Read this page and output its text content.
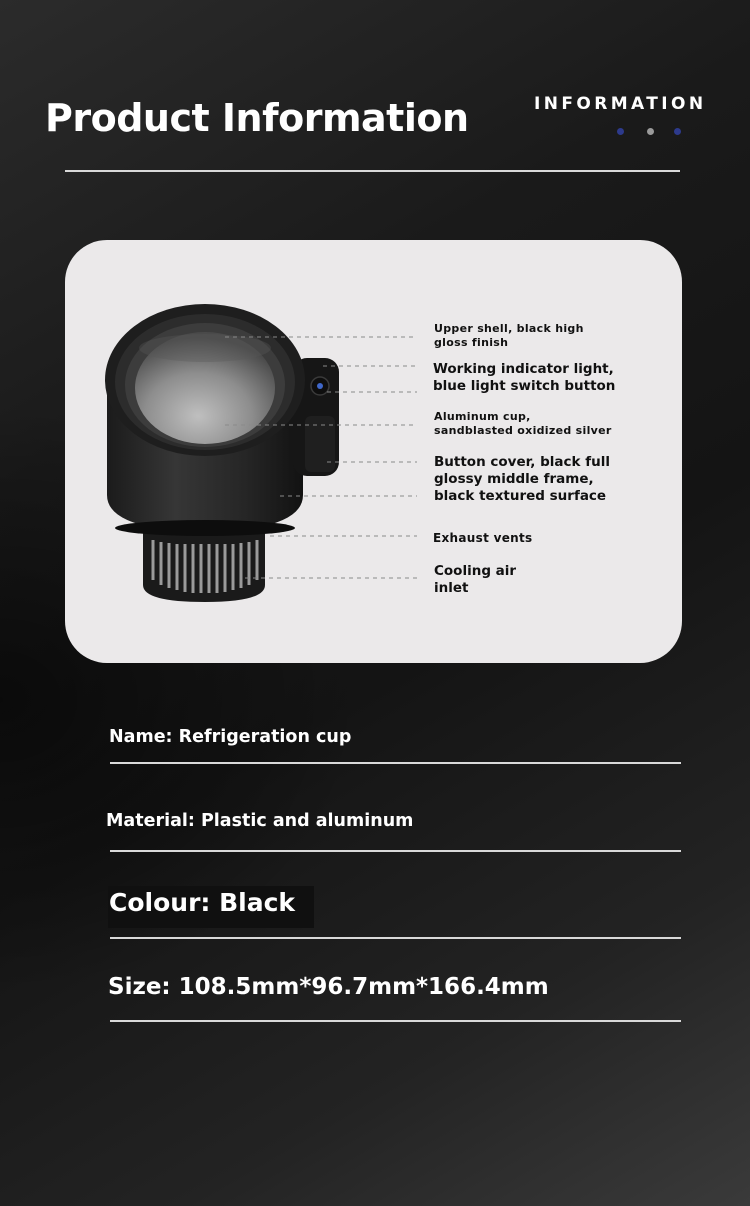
Product Information	INFORMATION
Upper shell, black high
gloss finish
Working indicator light,
blue light switch button
Aluminum cup,
sandblasted oxidized silver
Button cover, black full
glossy middle frame,
black textured surface
Exhaust vents
Cooling air
inlet
Name: Refrigeration cup
Material: Plastic and aluminum
Colour: Black
Size: 108.5mm*96.7mm*166.4mm
